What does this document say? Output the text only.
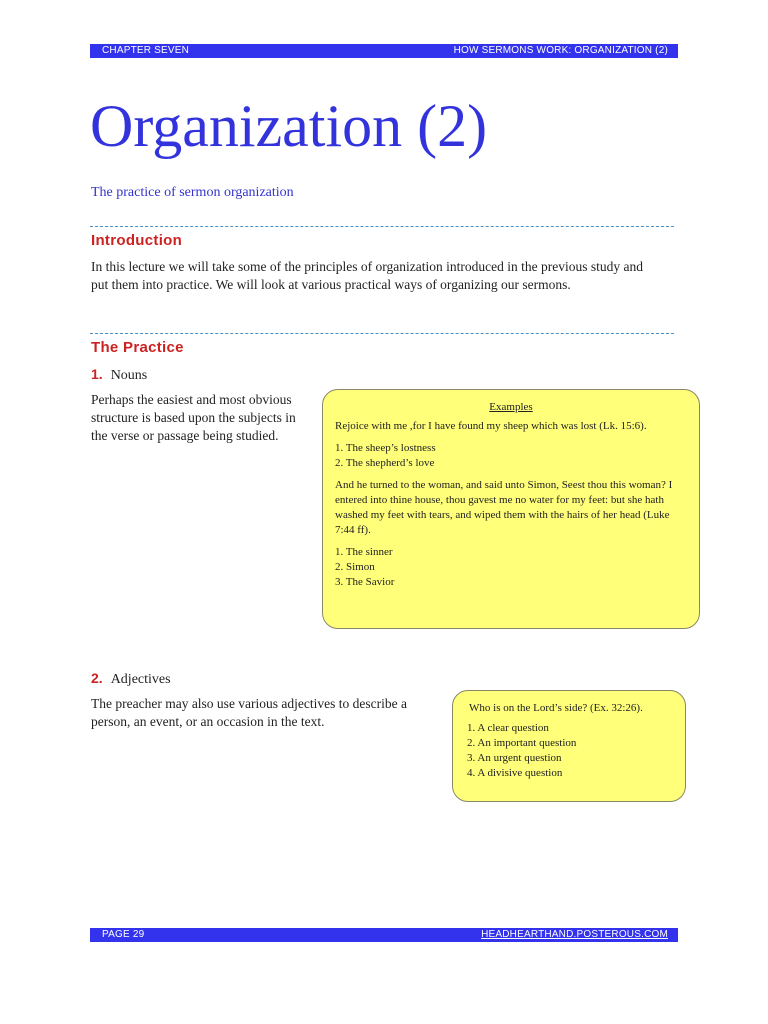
CHAPTER SEVEN	HOW SERMONS WORK: ORGANIZATION (2)
Organization (2)
The practice of sermon organization
Introduction

In this lecture we will take some of the principles of organization introduced in the previous study and put them into practice. We will look at various practical ways of organizing our sermons.

The Practice
1. Nouns

Perhaps the easiest and most obvious structure is based upon the subjects in the verse or passage being studied.

Examples

Rejoice with me ,for I have found my sheep which was lost (Lk. 15:6).

1. The sheep’s lostness
2. The shepherd’s love

And he turned to the woman, and said unto Simon, Seest thou this woman? I entered into thine house, thou gavest me no water for my feet: but she hath washed my feet with tears, and wiped them with the hairs of her head (Luke 7:44 ff).

1. The sinner
2. Simon
3. The Savior
2. Adjectives

The preacher may also use various adjectives to describe a person, an event, or an occasion in the text.

Who is on the Lord’s side? (Ex. 32:26).

1. A clear question
2. An important question
3. An urgent question
4. A divisive question
PAGE 29	HEADHEARTHAND.POSTEROUS.COM
